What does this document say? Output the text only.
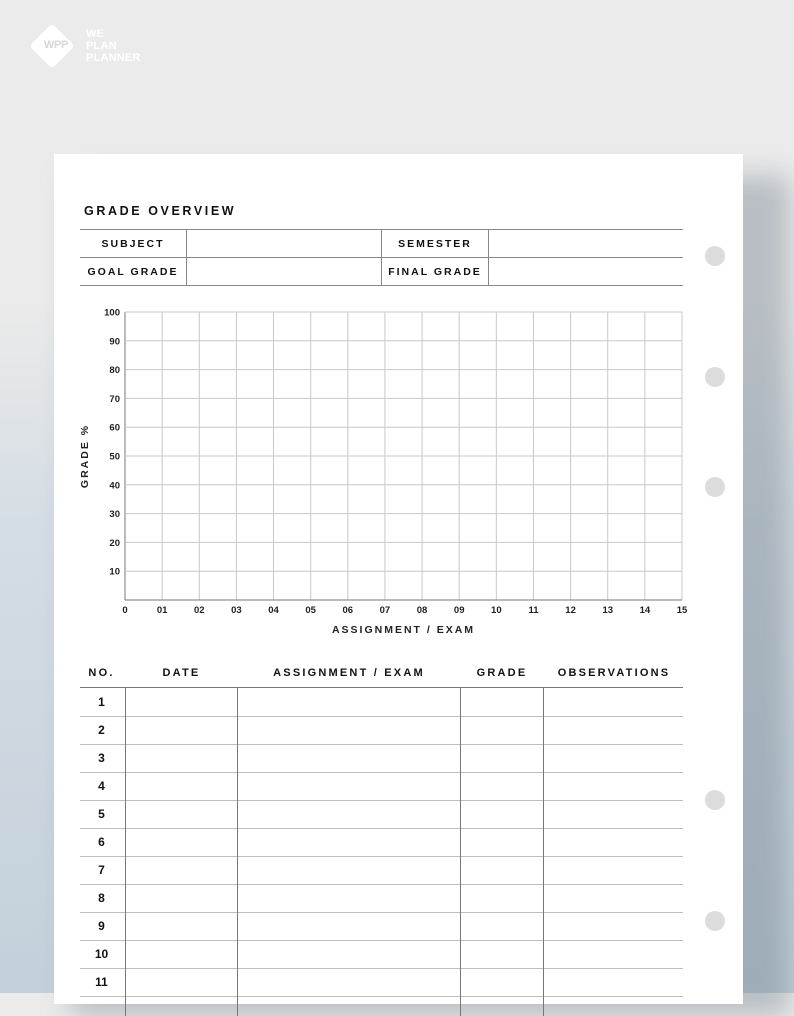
WPP
WE
PLAN
PLANNER
GRADE OVERVIEW
SUBJECT	SEMESTER
GOAL GRADE	FINAL GRADE
0	01	02	03	04	05	06	07	08	09	10	11	12	13	14	15
10
20
30
40
50
60
70
80
90
100
ASSIGNMENT / EXAM
GRADE %
NO.	DATE	ASSIGNMENT / EXAM	GRADE	OBSERVATIONS
1
2
3
4
5
6
7
8
9
10
11
